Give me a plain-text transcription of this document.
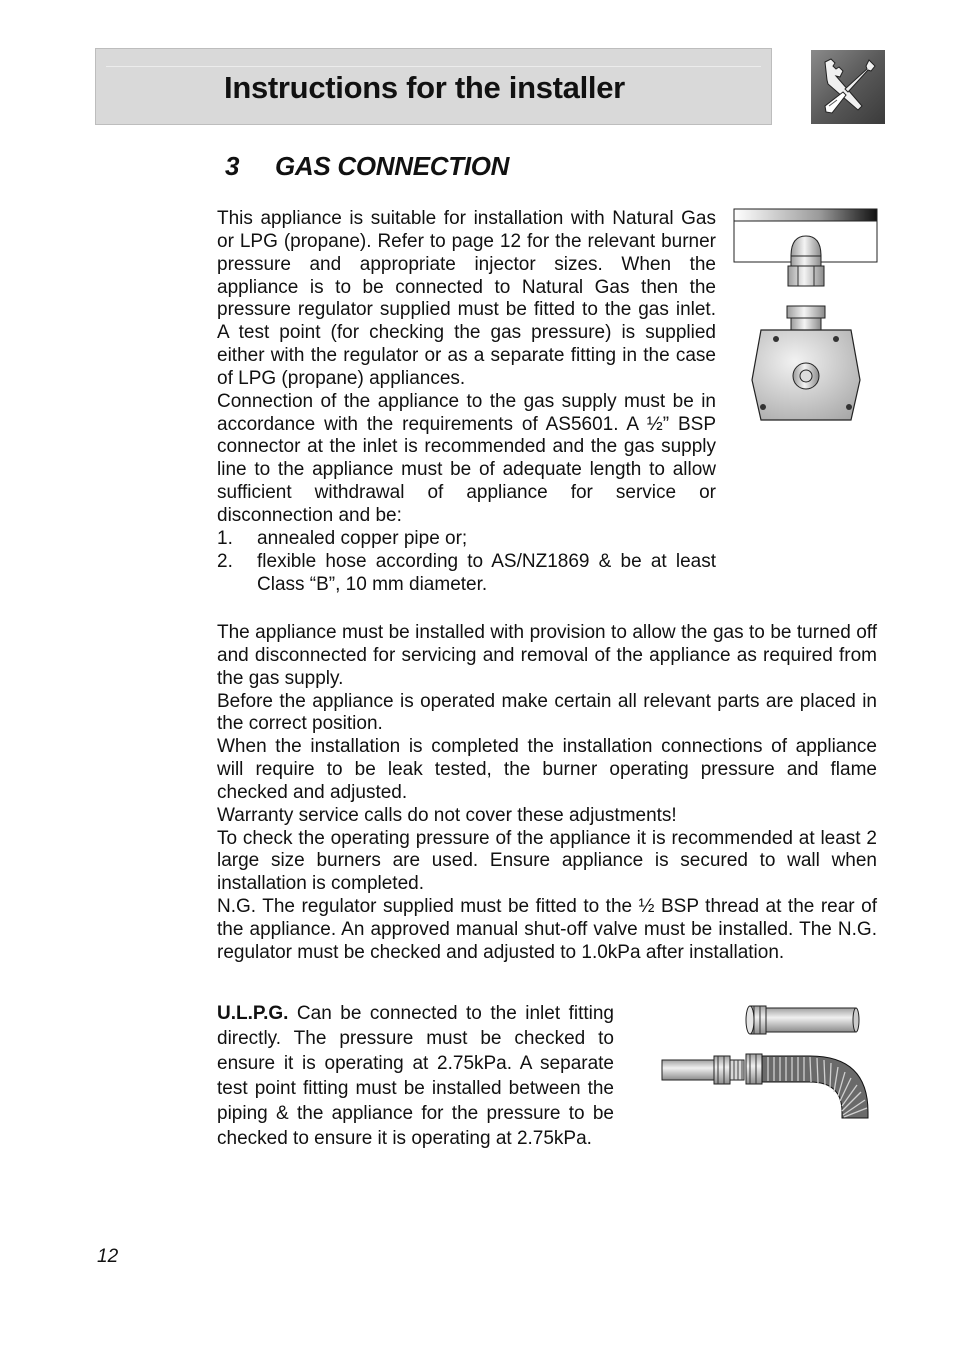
Instructions for the installer
3 GAS CONNECTION

This appliance is suitable for installation with Natural Gas or LPG (propane). Refer to page 12 for the relevant burner pressure and appropriate injector sizes. When the appliance is to be connected to Natural Gas then the pressure regulator supplied must be fitted to the gas inlet. A test point (for checking the gas pressure) is supplied either with the regulator or as a separate fitting in the case of LPG (propane) appliances.

Connection of the appliance to the gas supply must be in accordance with the requirements of AS5601. A ½” BSP connector at the inlet is recommended and the gas supply line to the appliance must be of adequate length to allow sufficient withdrawal of appliance for service or disconnection and be:

1. annealed copper pipe or;
2. flexible hose according to AS/NZ1869 & be at least Class “B”, 10 mm diameter.

The appliance must be installed with provision to allow the gas to be turned off and disconnected for servicing and removal of the appliance as required from the gas supply.

Before the appliance is operated make certain all relevant parts are placed in the correct position.

When the installation is completed the installation connections of appliance will require to be leak tested, the burner operating pressure and flame checked and adjusted.

Warranty service calls do not cover these adjustments!

To check the operating pressure of the appliance it is recommended at least 2 large size burners are used. Ensure appliance is secured to wall when installation is completed.

N.G. The regulator supplied must be fitted to the ½ BSP thread at the rear of the appliance. An approved manual shut-off valve must be installed. The N.G. regulator must be checked and adjusted to 1.0kPa after installation.

U.L.P.G. Can be connected to the inlet fitting directly. The pressure must be checked to ensure it is operating at 2.75kPa. A separate test point fitting must be installed between the piping & the appliance for the pressure to be checked to ensure it is operating at 2.75kPa.

12
